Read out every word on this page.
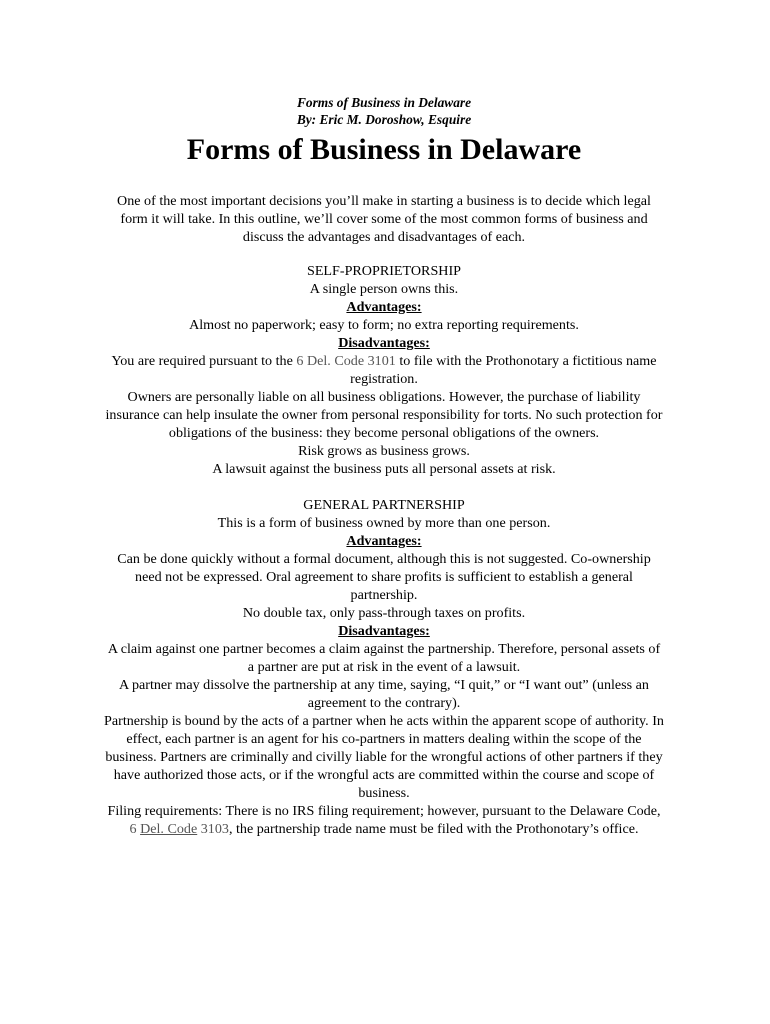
Forms of Business in Delaware
By: Eric M. Doroshow, Esquire
Forms of Business in Delaware

One of the most important decisions you’ll make in starting a business is to decide which legal form it will take. In this outline, we’ll cover some of the most common forms of business and discuss the advantages and disadvantages of each.

SELF-PROPRIETORSHIP

A single person owns this.

Advantages:

Almost no paperwork; easy to form; no extra reporting requirements.

Disadvantages:

You are required pursuant to the 6 Del. Code 3101 to file with the Prothonotary a fictitious name registration.

Owners are personally liable on all business obligations. However, the purchase of liability insurance can help insulate the owner from personal responsibility for torts. No such protection for obligations of the business: they become personal obligations of the owners.

Risk grows as business grows.

A lawsuit against the business puts all personal assets at risk.

GENERAL PARTNERSHIP

This is a form of business owned by more than one person.

Advantages:

Can be done quickly without a formal document, although this is not suggested. Co-ownership need not be expressed. Oral agreement to share profits is sufficient to establish a general partnership.

No double tax, only pass-through taxes on profits.

Disadvantages:

A claim against one partner becomes a claim against the partnership. Therefore, personal assets of a partner are put at risk in the event of a lawsuit.

A partner may dissolve the partnership at any time, saying, “I quit,” or “I want out” (unless an agreement to the contrary).

Partnership is bound by the acts of a partner when he acts within the apparent scope of authority. In effect, each partner is an agent for his co-partners in matters dealing within the scope of the business. Partners are criminally and civilly liable for the wrongful actions of other partners if they have authorized those acts, or if the wrongful acts are committed within the course and scope of business.

Filing requirements: There is no IRS filing requirement; however, pursuant to the Delaware Code, 6 Del. Code 3103, the partnership trade name must be filed with the Prothonotary’s office.
